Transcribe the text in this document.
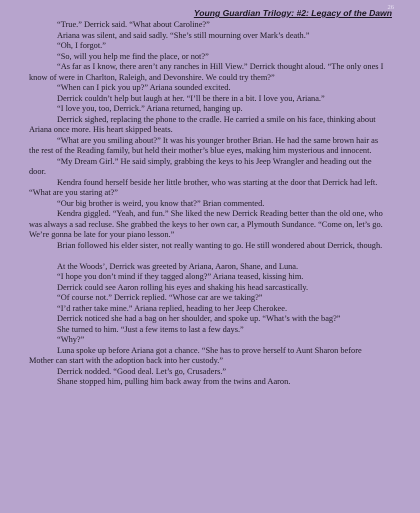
26
Young Guardian Trilogy: #2: Legacy of the Dawn

“True.” Derrick said. “What about Caroline?”

Ariana was silent, and said sadly. “She’s still mourning over Mark’s death.”

“Oh, I forgot.”

“So, will you help me find the place, or not?”

“As far as I know, there aren’t any ranches in Hill View.” Derrick thought aloud. “The only ones I know of were in Charlton, Raleigh, and Devonshire. We could try them?”

“When can I pick you up?” Ariana sounded excited.

Derrick couldn’t help but laugh at her. “I’ll be there in a bit. I love you, Ariana.”

“I love you, too, Derrick.” Ariana returned, hanging up.

Derrick sighed, replacing the phone to the cradle. He carried a smile on his face, thinking about Ariana once more. His heart skipped beats.

“What are you smiling about?” It was his younger brother Brian. He had the same brown hair as the rest of the Reading family, but held their mother’s blue eyes, making him mysterious and innocent.

“My Dream Girl.” He said simply, grabbing the keys to his Jeep Wrangler and heading out the door.

Kendra found herself beside her little brother, who was starting at the door that Derrick had left. “What are you staring at?”

“Our big brother is weird, you know that?” Brian commented.

Kendra giggled. “Yeah, and fun.” She liked the new Derrick Reading better than the old one, who was always a sad recluse. She grabbed the keys to her own car, a Plymouth Sundance. “Come on, let’s go. We’re gonna be late for your piano lesson.”

Brian followed his elder sister, not really wanting to go. He still wondered about Derrick, though.

At the Woods’, Derrick was greeted by Ariana, Aaron, Shane, and Luna.

“I hope you don’t mind if they tagged along?” Ariana teased, kissing him.

Derrick could see Aaron rolling his eyes and shaking his head sarcastically.

“Of course not.” Derrick replied. “Whose car are we taking?”

“I’d rather take mine.” Ariana replied, heading to her Jeep Cherokee.

Derrick noticed she had a bag on her shoulder, and spoke up. “What’s with the bag?”

She turned to him. “Just a few items to last a few days.”

“Why?”

Luna spoke up before Ariana got a chance. “She has to prove herself to Aunt Sharon before Mother can start with the adoption back into her custody.”

Derrick nodded. “Good deal. Let’s go, Crusaders.”

Shane stopped him, pulling him back away from the twins and Aaron.
